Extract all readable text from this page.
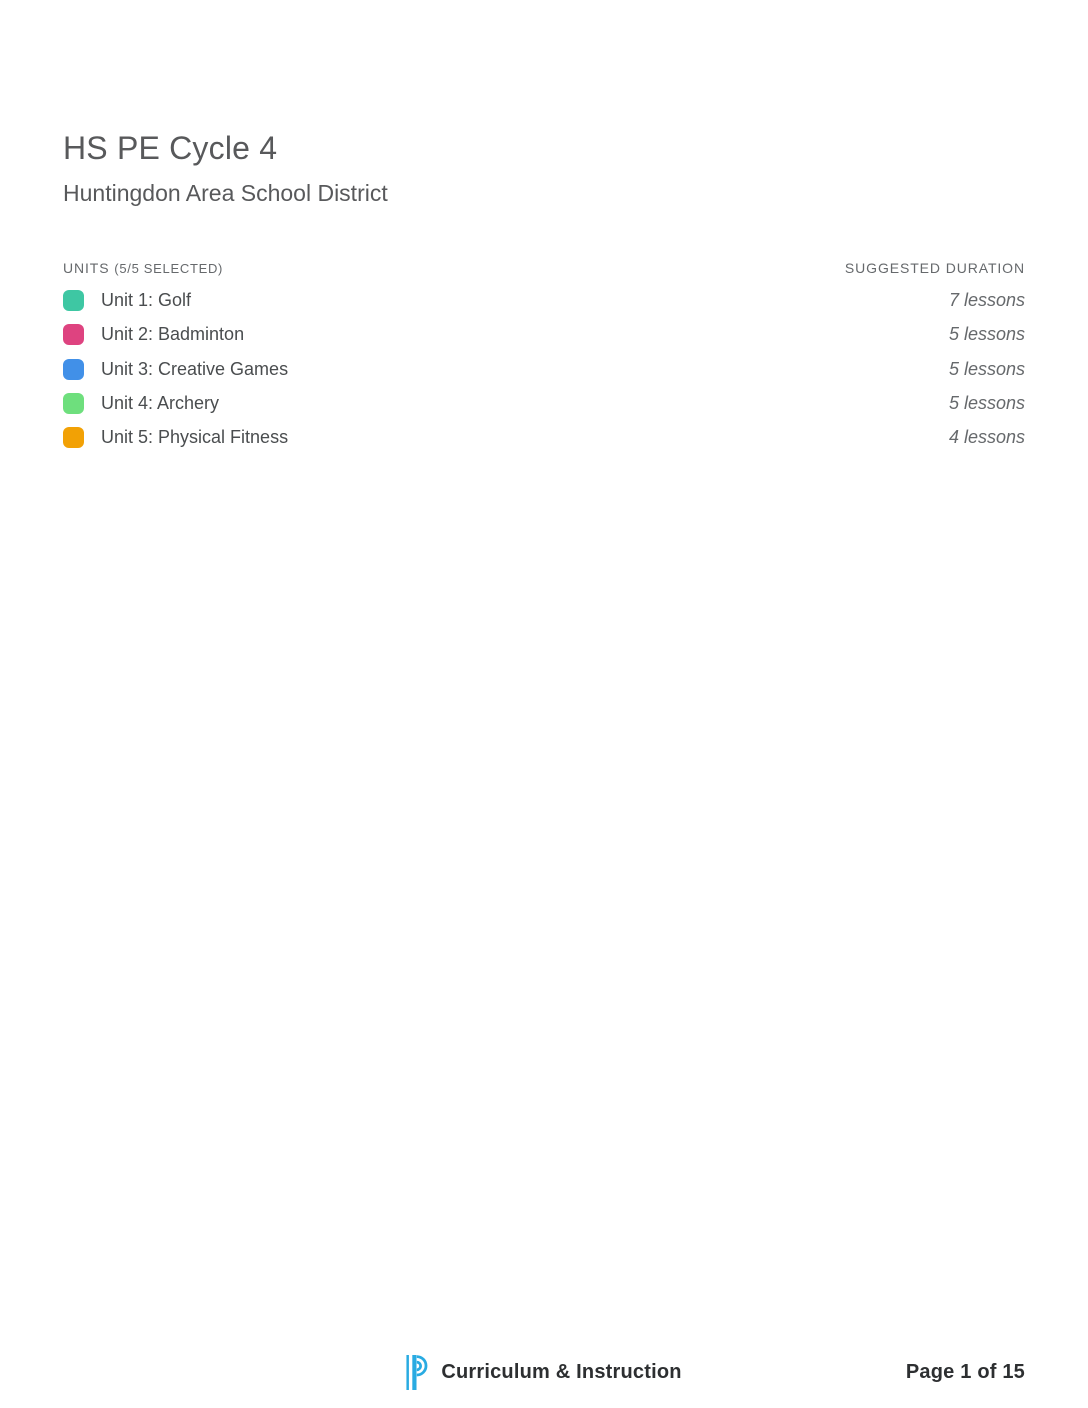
HS PE Cycle 4
Huntingdon Area School District
UNITS (5/5 SELECTED)	SUGGESTED DURATION
Unit 1: Golf	7 lessons
Unit 2: Badminton	5 lessons
Unit 3: Creative Games	5 lessons
Unit 4: Archery	5 lessons
Unit 5: Physical Fitness	4 lessons
Curriculum & Instruction	Page 1 of 15
